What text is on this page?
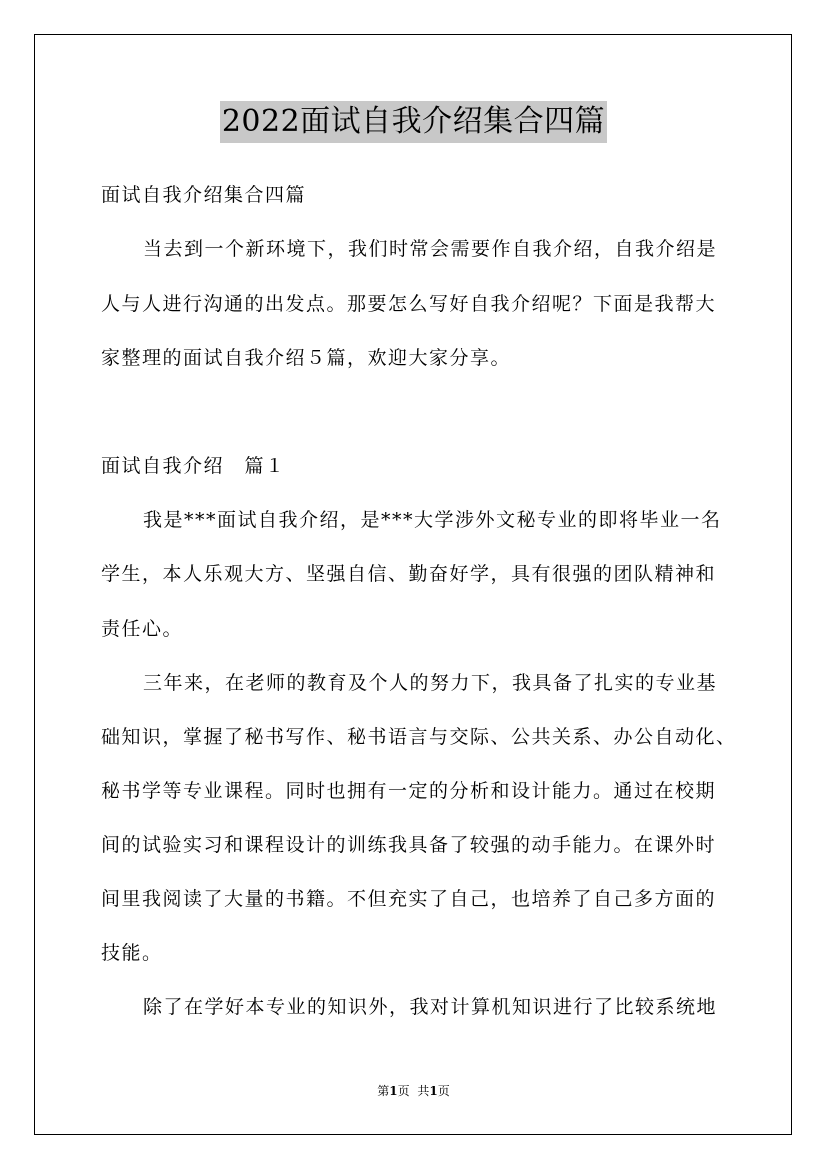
2022面试自我介绍集合四篇
面试自我介绍集合四篇
当去到一个新环境下，我们时常会需要作自我介绍，自我介绍是
人与人进行沟通的出发点。那要怎么写好自我介绍呢？下面是我帮大
家整理的面试自我介绍５篇，欢迎大家分享。
面试自我介绍　篇１
我是***面试自我介绍，是***大学涉外文秘专业的即将毕业一名
学生，本人乐观大方、坚强自信、勤奋好学，具有很强的团队精神和
责任心。
三年来，在老师的教育及个人的努力下，我具备了扎实的专业基
础知识，掌握了秘书写作、秘书语言与交际、公共关系、办公自动化、
秘书学等专业课程。同时也拥有一定的分析和设计能力。通过在校期
间的试验实习和课程设计的训练我具备了较强的动手能力。在课外时
间里我阅读了大量的书籍。不但充实了自己，也培养了自己多方面的
技能。
除了在学好本专业的知识外，我对计算机知识进行了比较系统地
第1页 共1页
